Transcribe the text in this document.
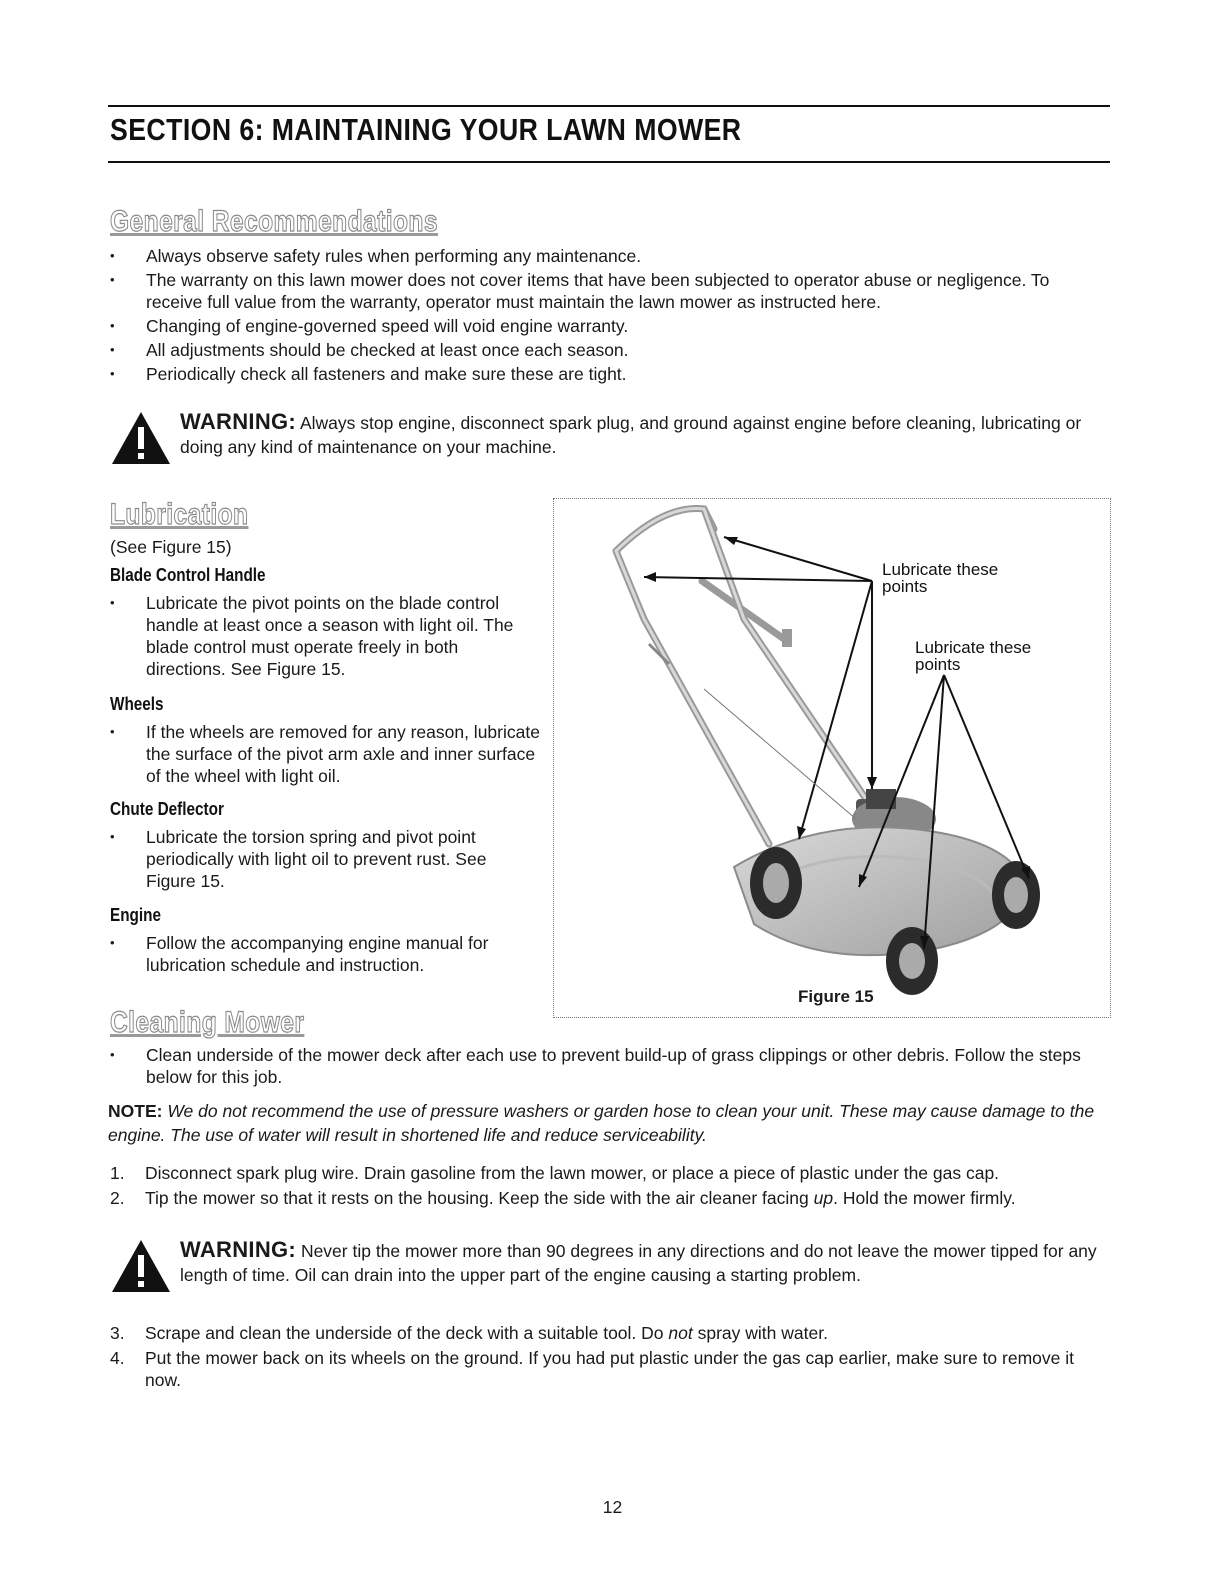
SECTION 6: MAINTAINING YOUR LAWN MOWER
General Recommendations
• Always observe safety rules when performing any maintenance.
• The warranty on this lawn mower does not cover items that have been subjected to operator abuse or negligence. To receive full value from the warranty, operator must maintain the lawn mower as instructed here.
• Changing of engine-governed speed will void engine warranty.
• All adjustments should be checked at least once each season.
• Periodically check all fasteners and make sure these are tight.
WARNING: Always stop engine, disconnect spark plug, and ground against engine before cleaning, lubricating or doing any kind of maintenance on your machine.
Lubrication
(See Figure 15)
Blade Control Handle
• Lubricate the pivot points on the blade control handle at least once a season with light oil. The blade control must operate freely in both directions. See Figure 15.
Wheels
• If the wheels are removed for any reason, lubricate the surface of the pivot arm axle and inner surface of the wheel with light oil.
Chute Deflector
• Lubricate the torsion spring and pivot point periodically with light oil to prevent rust. See Figure 15.
Engine
• Follow the accompanying engine manual for lubrication schedule and instruction.
Lubricate these
points
Lubricate these
points
Figure 15
Cleaning Mower
• Clean underside of the mower deck after each use to prevent build-up of grass clippings or other debris. Follow the steps below for this job.
NOTE: We do not recommend the use of pressure washers or garden hose to clean your unit. These may cause damage to the engine. The use of water will result in shortened life and reduce serviceability.
1. Disconnect spark plug wire. Drain gasoline from the lawn mower, or place a piece of plastic under the gas cap.
2. Tip the mower so that it rests on the housing. Keep the side with the air cleaner facing up. Hold the mower firmly.
WARNING: Never tip the mower more than 90 degrees in any directions and do not leave the mower tipped for any length of time. Oil can drain into the upper part of the engine causing a starting problem.
3. Scrape and clean the underside of the deck with a suitable tool. Do not spray with water.
4. Put the mower back on its wheels on the ground. If you had put plastic under the gas cap earlier, make sure to remove it now.
12
